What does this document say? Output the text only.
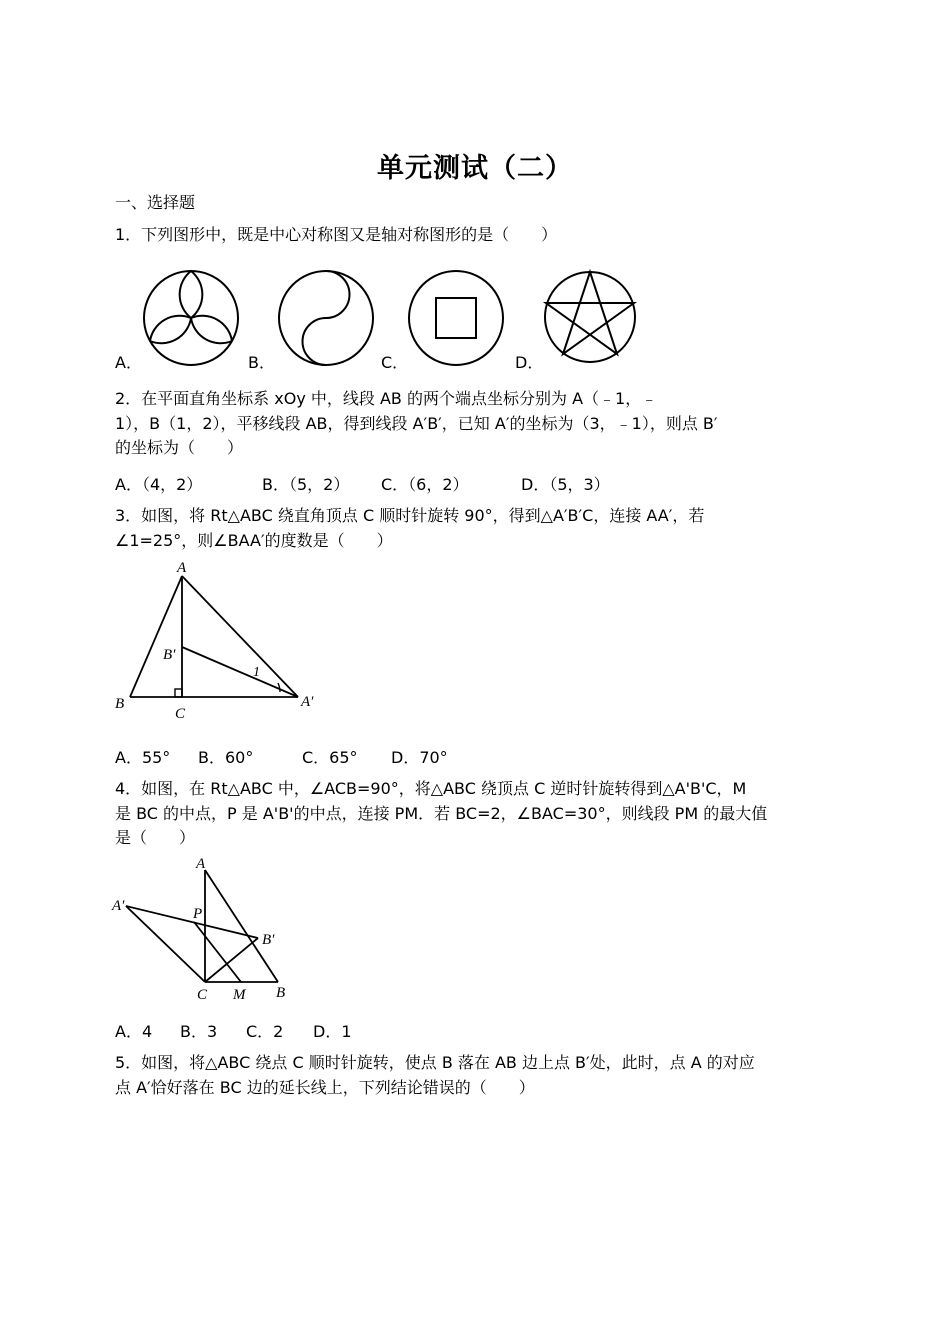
单元测试（二）
一、选择题
1．下列图形中，既是中心对称图又是轴对称图形的是（　　）
A．	B．	C．	D．
2．在平面直角坐标系 xOy 中，线段 AB 的两个端点坐标分别为 A（﹣1，﹣
1），B（1，2），平移线段 AB，得到线段 A′B′，已知 A′的坐标为（3，﹣1），则点 B′
的坐标为（　　）
A．（4，2）	B．（5，2） C．（6，2）	D．（5，3）
3．如图，将 Rt△ABC 绕直角顶点 C 顺时针旋转 90°，得到△A′B′C，连接 AA′，若
∠1=25°，则∠BAA′的度数是（　　）
A
B′
1
B
C
A′
A．55° B．60°	C．65° D．70°
4．如图，在 Rt△ABC 中，∠ACB=90°，将△ABC 绕顶点 C 逆时针旋转得到△A'B'C，M
是 BC 的中点，P 是 A'B'的中点，连接 PM．若 BC=2，∠BAC=30°，则线段 PM 的最大值
是（　　）
A
A′	P
B′
C M B
A．4 B．3 C．2 D．1
5．如图，将△ABC 绕点 C 顺时针旋转，使点 B 落在 AB 边上点 B′处，此时，点 A 的对应
点 A′恰好落在 BC 边的延长线上，下列结论错误的（　　）
